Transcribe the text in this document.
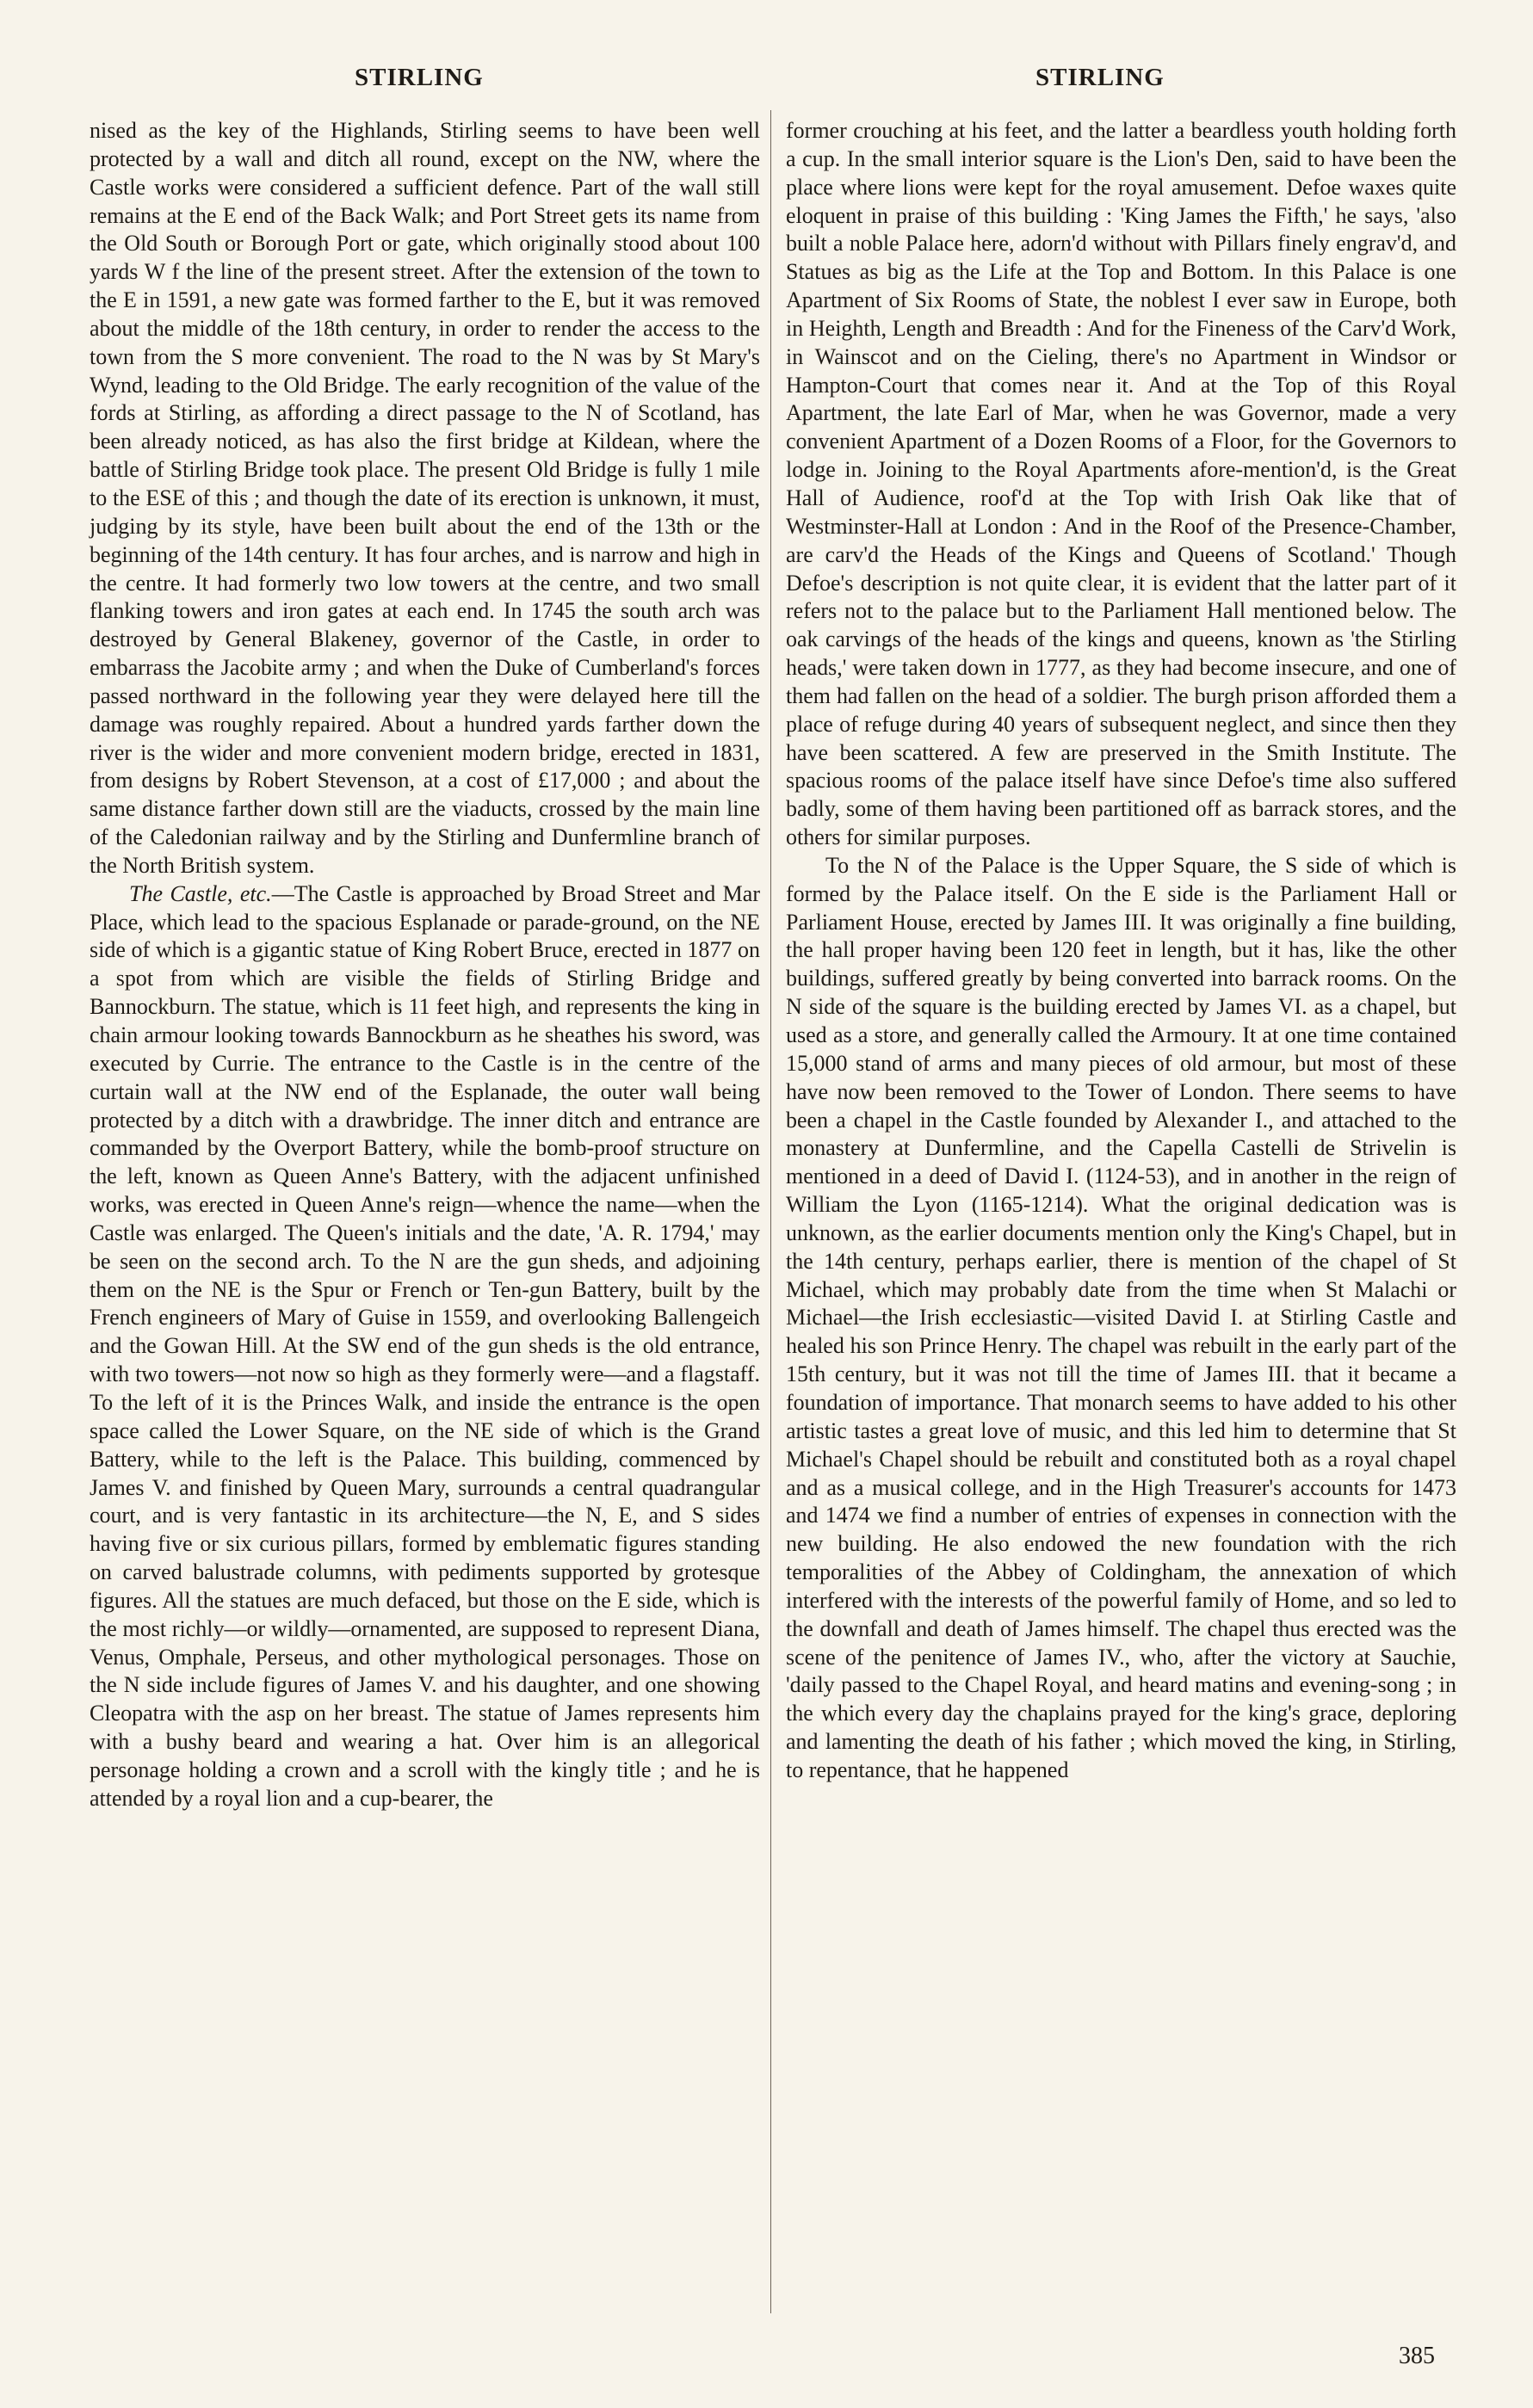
STIRLING	STIRLING

nised as the key of the Highlands, Stirling seems to have been well protected by a wall and ditch all round, except on the NW, where the Castle works were considered a sufficient defence. Part of the wall still remains at the E end of the Back Walk; and Port Street gets its name from the Old South or Borough Port or gate, which originally stood about 100 yards W f the line of the present street. After the extension of the town to the E in 1591, a new gate was formed farther to the E, but it was removed about the middle of the 18th century, in order to render the access to the town from the S more convenient. The road to the N was by St Mary's Wynd, leading to the Old Bridge. The early recognition of the value of the fords at Stirling, as affording a direct passage to the N of Scotland, has been already noticed, as has also the first bridge at Kildean, where the battle of Stirling Bridge took place. The present Old Bridge is fully 1 mile to the ESE of this ; and though the date of its erection is unknown, it must, judging by its style, have been built about the end of the 13th or the beginning of the 14th century. It has four arches, and is narrow and high in the centre. It had formerly two low towers at the centre, and two small flanking towers and iron gates at each end. In 1745 the south arch was destroyed by General Blakeney, governor of the Castle, in order to embarrass the Jacobite army ; and when the Duke of Cumberland's forces passed northward in the following year they were delayed here till the damage was roughly repaired. About a hundred yards farther down the river is the wider and more convenient modern bridge, erected in 1831, from designs by Robert Stevenson, at a cost of £17,000 ; and about the same distance farther down still are the viaducts, crossed by the main line of the Caledonian railway and by the Stirling and Dunfermline branch of the North British system.

The Castle, etc.—The Castle is approached by Broad Street and Mar Place, which lead to the spacious Esplanade or parade-ground, on the NE side of which is a gigantic statue of King Robert Bruce, erected in 1877 on a spot from which are visible the fields of Stirling Bridge and Bannockburn. The statue, which is 11 feet high, and represents the king in chain armour looking towards Bannockburn as he sheathes his sword, was executed by Currie. The entrance to the Castle is in the centre of the curtain wall at the NW end of the Esplanade, the outer wall being protected by a ditch with a drawbridge. The inner ditch and entrance are commanded by the Overport Battery, while the bomb-proof structure on the left, known as Queen Anne's Battery, with the adjacent unfinished works, was erected in Queen Anne's reign—whence the name—when the Castle was enlarged. The Queen's initials and the date, 'A. R. 1794,' may be seen on the second arch. To the N are the gun sheds, and adjoining them on the NE is the Spur or French or Ten-gun Battery, built by the French engineers of Mary of Guise in 1559, and overlooking Ballengeich and the Gowan Hill. At the SW end of the gun sheds is the old entrance, with two towers—not now so high as they formerly were—and a flagstaff. To the left of it is the Princes Walk, and inside the entrance is the open space called the Lower Square, on the NE side of which is the Grand Battery, while to the left is the Palace. This building, commenced by James V. and finished by Queen Mary, surrounds a central quadrangular court, and is very fantastic in its architecture—the N, E, and S sides having five or six curious pillars, formed by emblematic figures standing on carved balustrade columns, with pediments supported by grotesque figures. All the statues are much defaced, but those on the E side, which is the most richly—or wildly—ornamented, are supposed to represent Diana, Venus, Omphale, Perseus, and other mythological personages. Those on the N side include figures of James V. and his daughter, and one showing Cleopatra with the asp on her breast. The statue of James represents him with a bushy beard and wearing a hat. Over him is an allegorical personage holding a crown and a scroll with the kingly title ; and he is attended by a royal lion and a cup-bearer, the

former crouching at his feet, and the latter a beardless youth holding forth a cup. In the small interior square is the Lion's Den, said to have been the place where lions were kept for the royal amusement. Defoe waxes quite eloquent in praise of this building : 'King James the Fifth,' he says, 'also built a noble Palace here, adorn'd without with Pillars finely engrav'd, and Statues as big as the Life at the Top and Bottom. In this Palace is one Apartment of Six Rooms of State, the noblest I ever saw in Europe, both in Heighth, Length and Breadth : And for the Fineness of the Carv'd Work, in Wainscot and on the Cieling, there's no Apartment in Windsor or Hampton-Court that comes near it. And at the Top of this Royal Apartment, the late Earl of Mar, when he was Governor, made a very convenient Apartment of a Dozen Rooms of a Floor, for the Governors to lodge in. Joining to the Royal Apartments afore-mention'd, is the Great Hall of Audience, roof'd at the Top with Irish Oak like that of Westminster-Hall at London : And in the Roof of the Presence-Chamber, are carv'd the Heads of the Kings and Queens of Scotland.' Though Defoe's description is not quite clear, it is evident that the latter part of it refers not to the palace but to the Parliament Hall mentioned below. The oak carvings of the heads of the kings and queens, known as 'the Stirling heads,' were taken down in 1777, as they had become insecure, and one of them had fallen on the head of a soldier. The burgh prison afforded them a place of refuge during 40 years of subsequent neglect, and since then they have been scattered. A few are preserved in the Smith Institute. The spacious rooms of the palace itself have since Defoe's time also suffered badly, some of them having been partitioned off as barrack stores, and the others for similar purposes.

To the N of the Palace is the Upper Square, the S side of which is formed by the Palace itself. On the E side is the Parliament Hall or Parliament House, erected by James III. It was originally a fine building, the hall proper having been 120 feet in length, but it has, like the other buildings, suffered greatly by being converted into barrack rooms. On the N side of the square is the building erected by James VI. as a chapel, but used as a store, and generally called the Armoury. It at one time contained 15,000 stand of arms and many pieces of old armour, but most of these have now been removed to the Tower of London. There seems to have been a chapel in the Castle founded by Alexander I., and attached to the monastery at Dunfermline, and the Capella Castelli de Strivelin is mentioned in a deed of David I. (1124-53), and in another in the reign of William the Lyon (1165-1214). What the original dedication was is unknown, as the earlier documents mention only the King's Chapel, but in the 14th century, perhaps earlier, there is mention of the chapel of St Michael, which may probably date from the time when St Malachi or Michael—the Irish ecclesiastic—visited David I. at Stirling Castle and healed his son Prince Henry. The chapel was rebuilt in the early part of the 15th century, but it was not till the time of James III. that it became a foundation of importance. That monarch seems to have added to his other artistic tastes a great love of music, and this led him to determine that St Michael's Chapel should be rebuilt and constituted both as a royal chapel and as a musical college, and in the High Treasurer's accounts for 1473 and 1474 we find a number of entries of expenses in connection with the new building. He also endowed the new foundation with the rich temporalities of the Abbey of Coldingham, the annexation of which interfered with the interests of the powerful family of Home, and so led to the downfall and death of James himself. The chapel thus erected was the scene of the penitence of James IV., who, after the victory at Sauchie, 'daily passed to the Chapel Royal, and heard matins and evening-song ; in the which every day the chaplains prayed for the king's grace, deploring and lamenting the death of his father ; which moved the king, in Stirling, to repentance, that he happened

385
